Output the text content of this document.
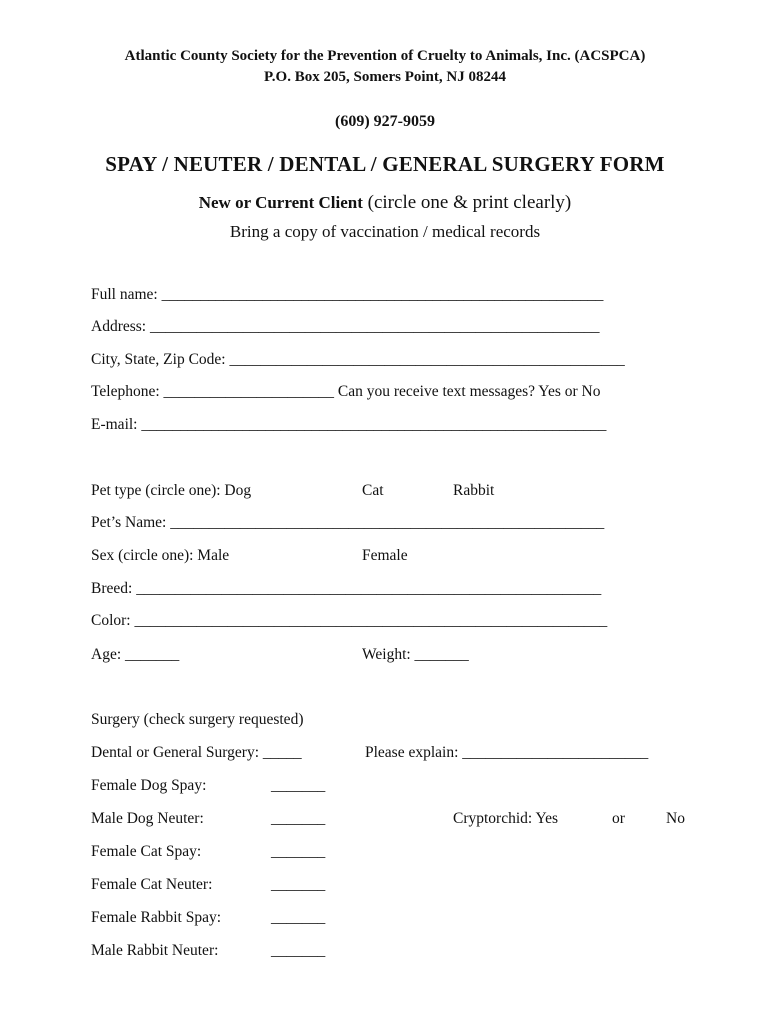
Atlantic County Society for the Prevention of Cruelty to Animals, Inc. (ACSPCA)
P.O. Box 205, Somers Point, NJ 08244
(609) 927-9059
SPAY / NEUTER / DENTAL / GENERAL SURGERY FORM
New or Current Client (circle one & print clearly)
Bring a copy of vaccination / medical records
Full name: _________________________________________________________
Address: __________________________________________________________
City, State, Zip Code: ___________________________________________________
Telephone: ______________________ Can you receive text messages? Yes or No
E-mail: ____________________________________________________________
Pet type (circle one): Dog	Cat	Rabbit
Pet’s Name: ________________________________________________________
Sex (circle one): Male	Female
Breed: ____________________________________________________________
Color: _____________________________________________________________
Age: _______	Weight: _______
Surgery (check surgery requested)
Dental or General Surgery: _____	Please explain: ________________________
Female Dog Spay:	_______
Male Dog Neuter:	_______	Cryptorchid: Yes	or	No
Female Cat Spay:	_______
Female Cat Neuter:	_______
Female Rabbit Spay:	_______
Male Rabbit Neuter:	_______
